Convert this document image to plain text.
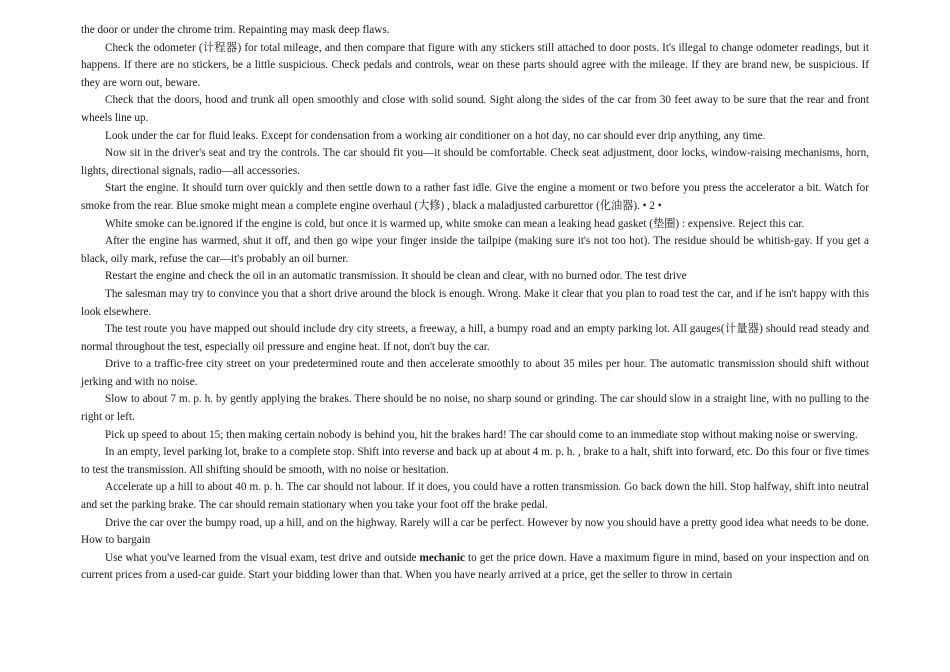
the door or under the chrome trim. Repainting may mask deep flaws.

Check the odometer (计程器) for total mileage, and then compare that figure with any stickers still attached to door posts. It's illegal to change odometer readings, but it happens. If there are no stickers, be a little suspicious. Check pedals and controls, wear on these parts should agree with the mileage. If they are brand new, be suspicious. If they are worn out, beware.

Check that the doors, hood and trunk all open smoothly and close with solid sound. Sight along the sides of the car from 30 feet away to be sure that the rear and front wheels line up.

Look under the car for fluid leaks. Except for condensation from a working air conditioner on a hot day, no car should ever drip anything, any time.

Now sit in the driver's seat and try the controls. The car should fit you—it should be comfortable. Check seat adjustment, door locks, window-raising mechanisms, horn, lights, directional signals, radio—all accessories.

Start the engine. It should turn over quickly and then settle down to a rather fast idle. Give the engine a moment or two before you press the accelerator a bit. Watch for smoke from the rear. Blue smoke might mean a complete engine overhaul (大修) , black a maladjusted carburettor (化油器). • 2 •

White smoke can be.ignored if the engine is cold, but once it is warmed up, white smoke can mean a leaking head gasket (垫圈) : expensive. Reject this car.

After the engine has warmed, shut it off, and then go wipe your finger inside the tailpipe (making sure it's not too hot). The residue should be whitish-gay. If you get a black, oily mark, refuse the car—it's probably an oil burner.

Restart the engine and check the oil in an automatic transmission. It should be clean and clear, with no burned odor. The test drive

The salesman may try to convince you that a short drive around the block is enough. Wrong. Make it clear that you plan to road test the car, and if he isn't happy with this look elsewhere.

The test route you have mapped out should include dry city streets, a freeway, a hill, a bumpy road and an empty parking lot. All gauges(计量器) should read steady and normal throughout the test, especially oil pressure and engine heat. If not, don't buy the car.

Drive to a traffic-free city street on your predetermined route and then accelerate smoothly to about 35 miles per hour. The automatic transmission should shift without jerking and with no noise.

Slow to about 7 m. p. h. by gently applying the brakes. There should be no noise, no sharp sound or grinding. The car should slow in a straight line, with no pulling to the right or left.

Pick up speed to about 15; then making certain nobody is behind you, hit the brakes hard! The car should come to an immediate stop without making noise or swerving.

In an empty, level parking lot, brake to a complete stop. Shift into reverse and back up at about 4 m. p. h. , brake to a halt, shift into forward, etc. Do this four or five times to test the transmission. All shifting should be smooth, with no noise or hesitation.

Accelerate up a hill to about 40 m. p. h. The car should not labour. If it does, you could have a rotten transmission. Go back down the hill. Stop halfway, shift into neutral and set the parking brake. The car should remain stationary when you take your foot off the brake pedal.

Drive the car over the bumpy road, up a hill, and on the highway. Rarely will a car be perfect. However by now you should have a pretty good idea what needs to be done. How to bargain

Use what you've learned from the visual exam, test drive and outside mechanic to get the price down. Have a maximum figure in mind, based on your inspection and on current prices from a used-car guide. Start your bidding lower than that. When you have nearly arrived at a price, get the seller to throw in certain
